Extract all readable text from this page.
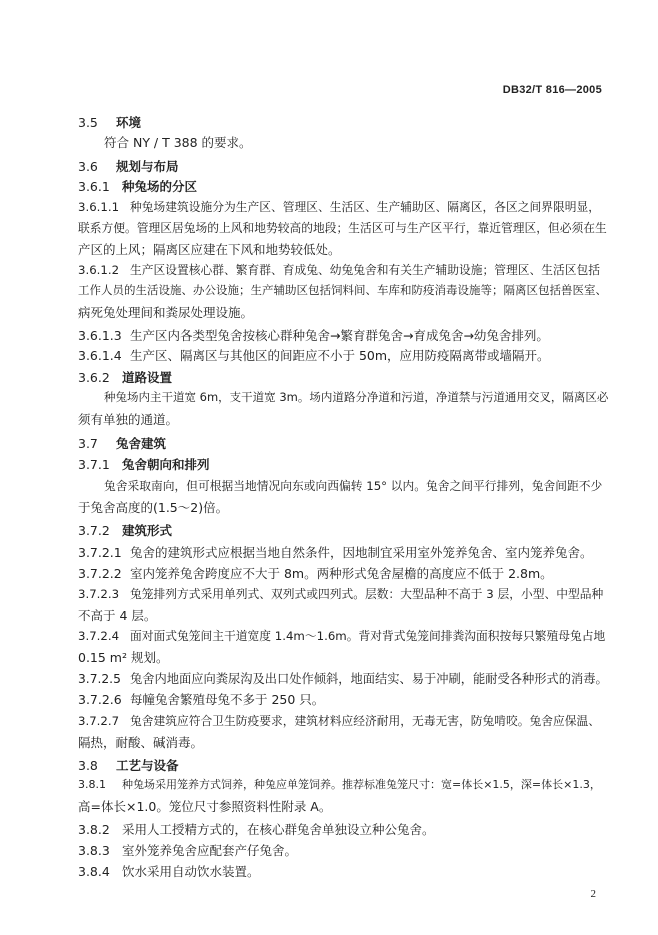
DB32/T 816—2005
3.5 环境
符合 NY / T 388 的要求。
3.6 规划与布局
3.6.1 种兔场的分区
3.6.1.1 种兔场建筑设施分为生产区、管理区、生活区、生产辅助区、隔离区，各区之间界限明显，
联系方便。管理区居兔场的上风和地势较高的地段；生活区可与生产区平行，靠近管理区，但必须在生
产区的上风；隔离区应建在下风和地势较低处。
3.6.1.2 生产区设置核心群、繁育群、育成兔、幼兔兔舍和有关生产辅助设施；管理区、生活区包括
工作人员的生活设施、办公设施；生产辅助区包括饲料间、车库和防疫消毒设施等；隔离区包括兽医室、
病死兔处理间和粪尿处理设施。
3.6.1.3 生产区内各类型兔舍按核心群种兔舍→繁育群兔舍→育成兔舍→幼兔舍排列。
3.6.1.4 生产区、隔离区与其他区的间距应不小于 50m，应用防疫隔离带或墙隔开。
3.6.2 道路设置
种兔场内主干道宽 6m，支干道宽 3m。场内道路分净道和污道，净道禁与污道通用交叉，隔离区必
须有单独的通道。
3.7 兔舍建筑
3.7.1 兔舍朝向和排列
兔舍采取南向，但可根据当地情况向东或向西偏转 15° 以内。兔舍之间平行排列，兔舍间距不少
于兔舍高度的(1.5～2)倍。
3.7.2 建筑形式
3.7.2.1 兔舍的建筑形式应根据当地自然条件，因地制宜采用室外笼养兔舍、室内笼养兔舍。
3.7.2.2 室内笼养兔舍跨度应不大于 8m。两种形式兔舍屋檐的高度应不低于 2.8m。
3.7.2.3 兔笼排列方式采用单列式、双列式或四列式。层数：大型品种不高于 3 层，小型、中型品种
不高于 4 层。
3.7.2.4 面对面式兔笼间主干道宽度 1.4m～1.6m。背对背式兔笼间排粪沟面积按每只繁殖母兔占地
0.15 m² 规划。
3.7.2.5 兔舍内地面应向粪尿沟及出口处作倾斜，地面结实、易于冲刷，能耐受各种形式的消毒。
3.7.2.6 每幢兔舍繁殖母兔不多于 250 只。
3.7.2.7 兔舍建筑应符合卫生防疫要求，建筑材料应经济耐用，无毒无害，防兔啃咬。兔舍应保温、
隔热，耐酸、碱消毒。
3.8 工艺与设备
3.8.1 种兔场采用笼养方式饲养，种兔应单笼饲养。推荐标准兔笼尺寸：宽=体长×1.5，深=体长×1.3，
高=体长×1.0。笼位尺寸参照资料性附录 A。
3.8.2 采用人工授精方式的，在核心群兔舍单独设立种公兔舍。
3.8.3 室外笼养兔舍应配套产仔兔舍。
3.8.4 饮水采用自动饮水装置。
2
